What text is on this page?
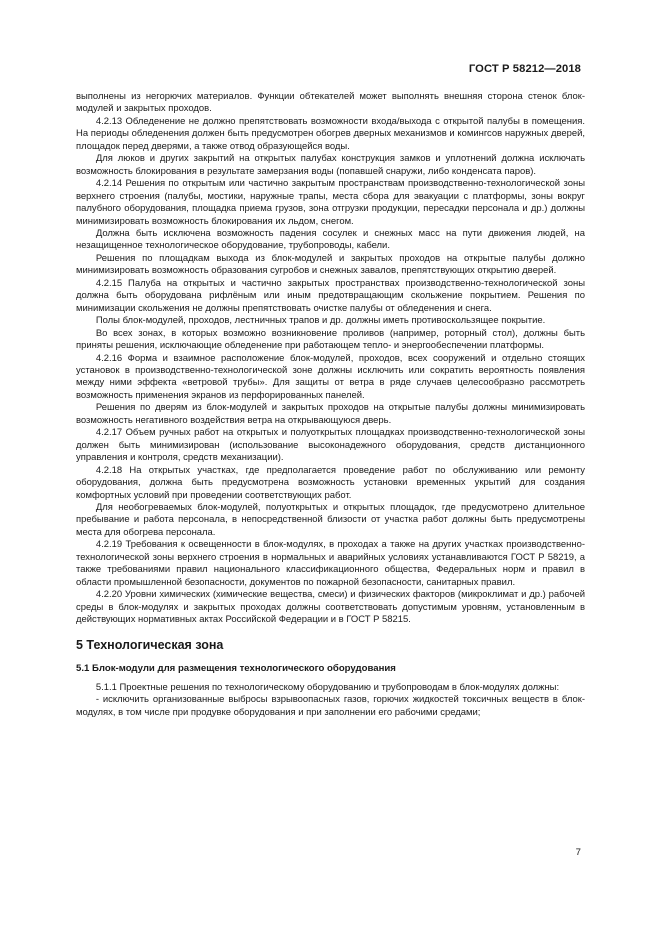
ГОСТ Р 58212—2018

выполнены из негорючих материалов. Функции обтекателей может выполнять внешняя сторона стенок блок-модулей и закрытых проходов.

4.2.13 Обледенение не должно препятствовать возможности входа/выхода с открытой палубы в помещения. На периоды обледенения должен быть предусмотрен обогрев дверных механизмов и комингсов наружных дверей, площадок перед дверями, а также отвод образующейся воды.

Для люков и других закрытий на открытых палубах конструкция замков и уплотнений должна исключать возможность блокирования в результате замерзания воды (попавшей снаружи, либо конденсата паров).

4.2.14 Решения по открытым или частично закрытым пространствам производственно-технологической зоны верхнего строения (палубы, мостики, наружные трапы, места сбора для эвакуации с платформы, зоны вокруг палубного оборудования, площадка приема грузов, зона отгрузки продукции, пересадки персонала и др.) должны минимизировать возможность блокирования их льдом, снегом.

Должна быть исключена возможность падения сосулек и снежных масс на пути движения людей, на незащищенное технологическое оборудование, трубопроводы, кабели.

Решения по площадкам выхода из блок-модулей и закрытых проходов на открытые палубы должно минимизировать возможность образования сугробов и снежных завалов, препятствующих открытию дверей.

4.2.15 Палуба на открытых и частично закрытых пространствах производственно-технологической зоны должна быть оборудована рифлёным или иным предотвращающим скольжение покрытием. Решения по минимизации скольжения не должны препятствовать очистке палубы от обледенения и снега.

Полы блок-модулей, проходов, лестничных трапов и др. должны иметь противоскользящее покрытие.

Во всех зонах, в которых возможно возникновение проливов (например, роторный стол), должны быть приняты решения, исключающие обледенение при работающем тепло- и энергообеспечении платформы.

4.2.16 Форма и взаимное расположение блок-модулей, проходов, всех сооружений и отдельно стоящих установок в производственно-технологической зоне должны исключить или сократить вероятность появления между ними эффекта «ветровой трубы». Для защиты от ветра в ряде случаев целесообразно рассмотреть возможность применения экранов из перфорированных панелей.

Решения по дверям из блок-модулей и закрытых проходов на открытые палубы должны минимизировать возможность негативного воздействия ветра на открывающуюся дверь.

4.2.17 Объем ручных работ на открытых и полуоткрытых площадках производственно-технологической зоны должен быть минимизирован (использование высоконадежного оборудования, средств дистанционного управления и контроля, средств механизации).

4.2.18 На открытых участках, где предполагается проведение работ по обслуживанию или ремонту оборудования, должна быть предусмотрена возможность установки временных укрытий для создания комфортных условий при проведении соответствующих работ.

Для необогреваемых блок-модулей, полуоткрытых и открытых площадок, где предусмотрено длительное пребывание и работа персонала, в непосредственной близости от участка работ должны быть предусмотрены места для обогрева персонала.

4.2.19 Требования к освещенности в блок-модулях, в проходах а также на других участках производственно-технологической зоны верхнего строения в нормальных и аварийных условиях устанавливаются ГОСТ Р 58219, а также требованиями правил национального классификационного общества, Федеральных норм и правил в области промышленной безопасности, документов по пожарной безопасности, санитарных правил.

4.2.20 Уровни химических (химические вещества, смеси) и физических факторов (микроклимат и др.) рабочей среды в блок-модулях и закрытых проходах должны соответствовать допустимым уровням, установленным в действующих нормативных актах Российской Федерации и в ГОСТ Р 58215.

5 Технологическая зона
5.1 Блок-модули для размещения технологического оборудования

5.1.1 Проектные решения по технологическому оборудованию и трубопроводам в блок-модулях должны:

- исключить организованные выбросы взрывоопасных газов, горючих жидкостей токсичных веществ в блок-модулях, в том числе при продувке оборудования и при заполнении его рабочими средами;

7
